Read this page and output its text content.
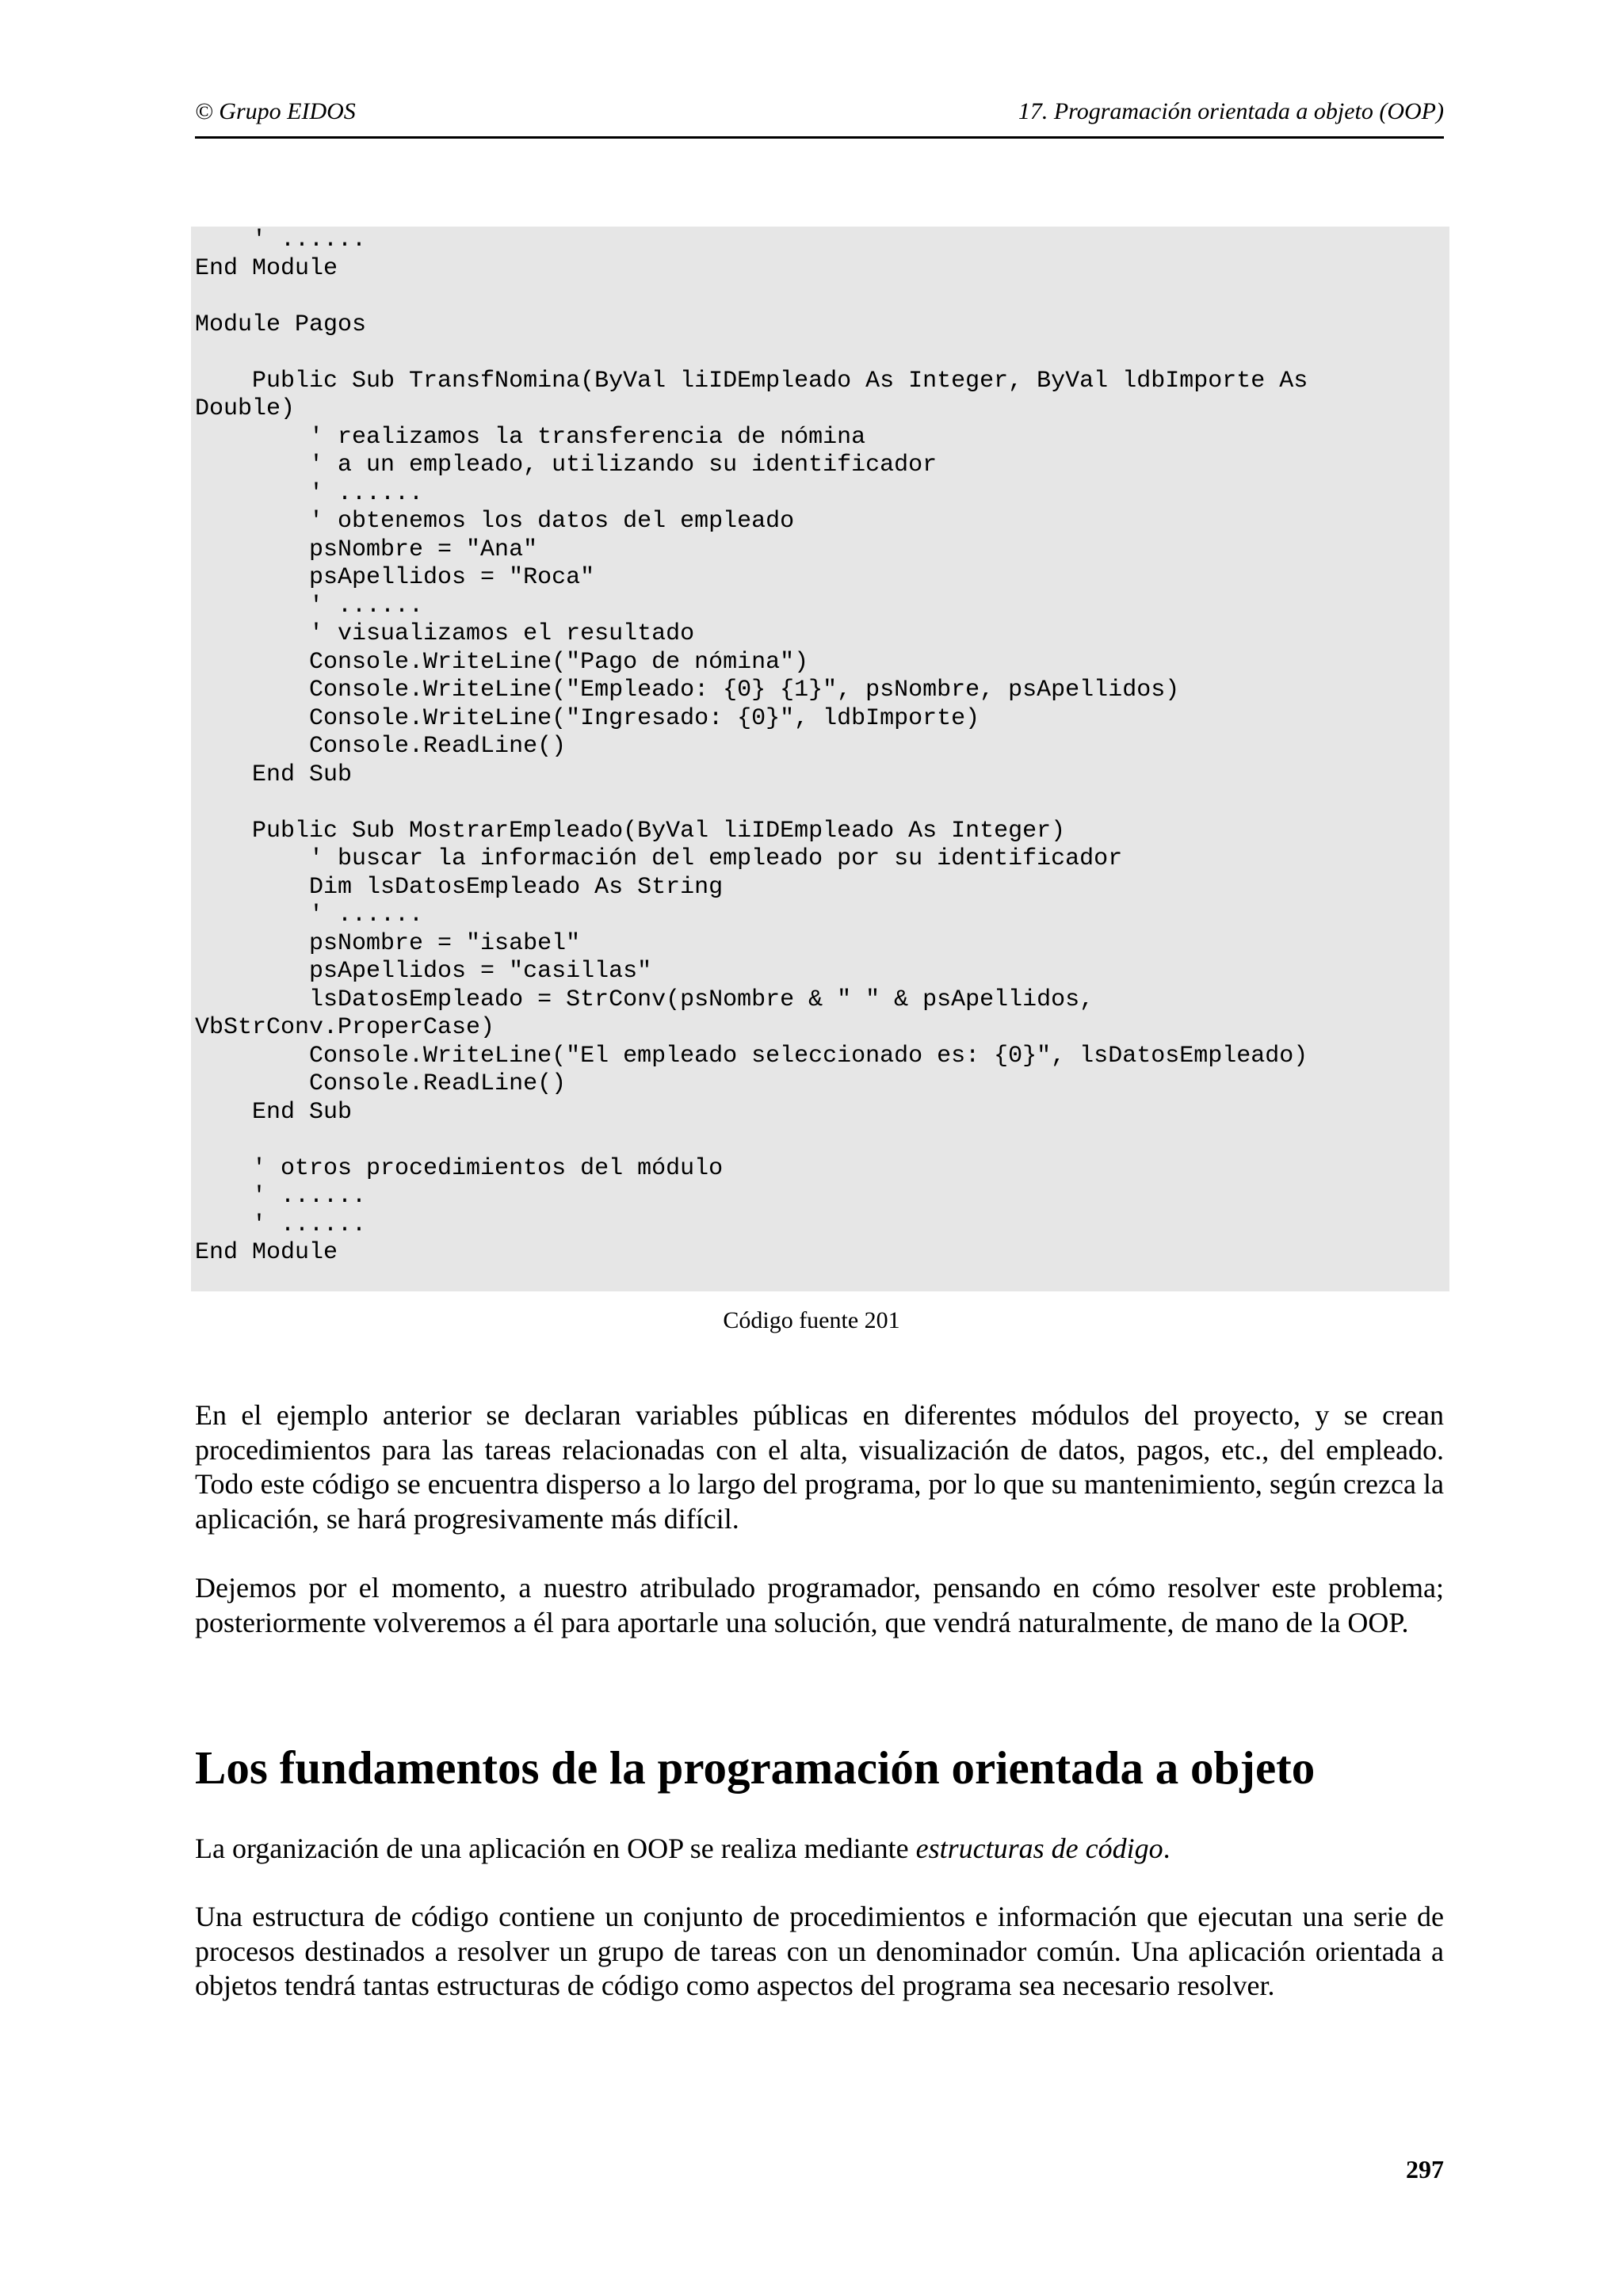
© Grupo EIDOS	17. Programación orientada a objeto (OOP)
' ......
End Module

Module Pagos

Public Sub TransfNomina(ByVal liIDEmpleado As Integer, ByVal ldbImporte As
Double)
' realizamos la transferencia de nómina
' a un empleado, utilizando su identificador
' ......
' obtenemos los datos del empleado
psNombre = "Ana"
psApellidos = "Roca"
' ......
' visualizamos el resultado
Console.WriteLine("Pago de nómina")
Console.WriteLine("Empleado: {0} {1}", psNombre, psApellidos)
Console.WriteLine("Ingresado: {0}", ldbImporte)
Console.ReadLine()
End Sub

Public Sub MostrarEmpleado(ByVal liIDEmpleado As Integer)
' buscar la información del empleado por su identificador
Dim lsDatosEmpleado As String
' ......
psNombre = "isabel"
psApellidos = "casillas"
lsDatosEmpleado = StrConv(psNombre & " " & psApellidos,
VbStrConv.ProperCase)
Console.WriteLine("El empleado seleccionado es: {0}", lsDatosEmpleado)
Console.ReadLine()
End Sub

' otros procedimientos del módulo
' ......
' ......
End Module
Código fuente 201

En el ejemplo anterior se declaran variables públicas en diferentes módulos del proyecto, y se crean procedimientos para las tareas relacionadas con el alta, visualización de datos, pagos, etc., del empleado. Todo este código se encuentra disperso a lo largo del programa, por lo que su mantenimiento, según crezca la aplicación, se hará progresivamente más difícil.

Dejemos por el momento, a nuestro atribulado programador, pensando en cómo resolver este problema; posteriormente volveremos a él para aportarle una solución, que vendrá naturalmente, de mano de la OOP.

Los fundamentos de la programación orientada a objeto

La organización de una aplicación en OOP se realiza mediante estructuras de código.

Una estructura de código contiene un conjunto de procedimientos e información que ejecutan una serie de procesos destinados a resolver un grupo de tareas con un denominador común. Una aplicación orientada a objetos tendrá tantas estructuras de código como aspectos del programa sea necesario resolver.

297
